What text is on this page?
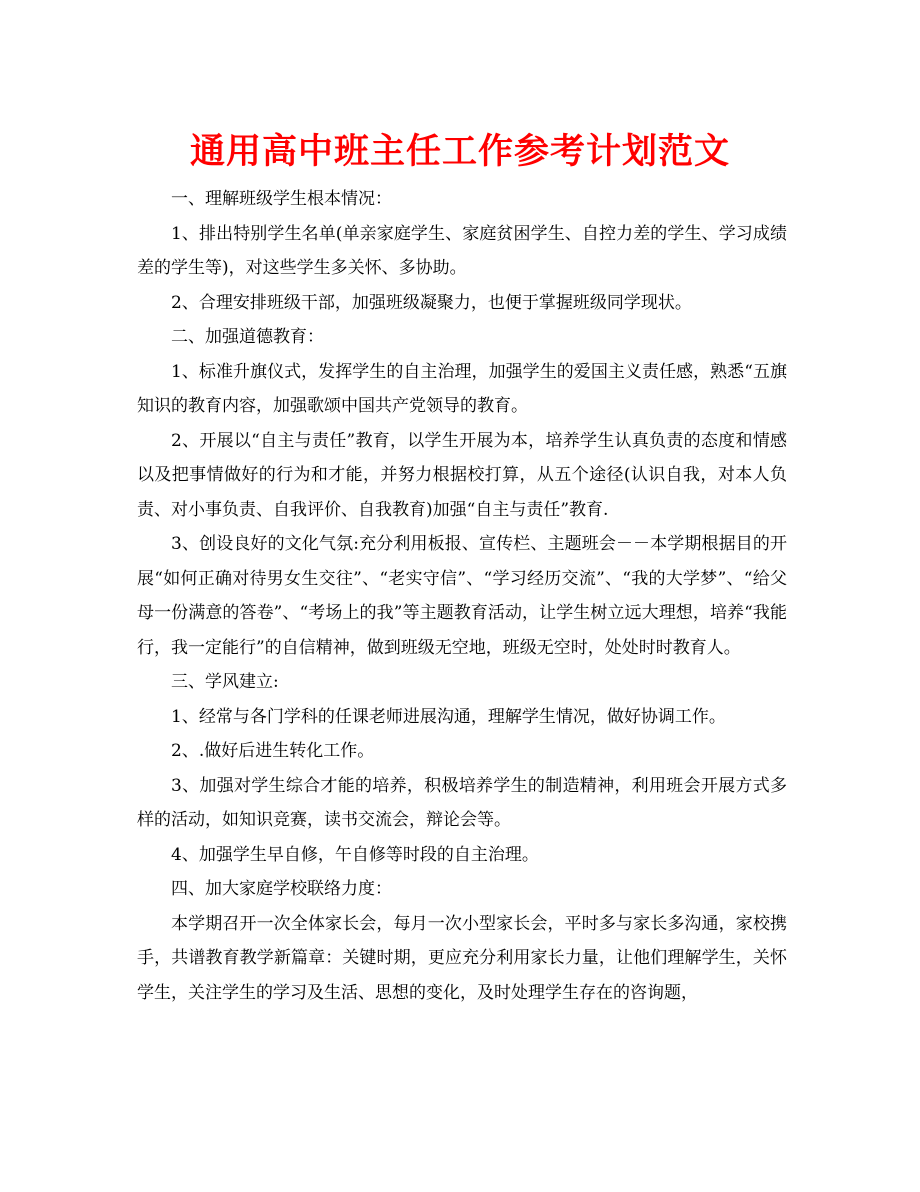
通用高中班主任工作参考计划范文

一、理解班级学生根本情况：

1、排出特别学生名单(单亲家庭学生、家庭贫困学生、自控力差的学生、学习成绩差的学生等)，对这些学生多关怀、多协助。

2、合理安排班级干部，加强班级凝聚力，也便于掌握班级同学现状。

二、加强道德教育：

1、标准升旗仪式，发挥学生的自主治理，加强学生的爱国主义责任感，熟悉“五旗知识的教育内容，加强歌颂中国共产党领导的教育。

2、开展以“自主与责任”教育，以学生开展为本，培养学生认真负责的态度和情感以及把事情做好的行为和才能，并努力根据校打算，从五个途径(认识自我，对本人负责、对小事负责、自我评价、自我教育)加强“自主与责任”教育.

3、创设良好的文化气氛:充分利用板报、宣传栏、主题班会－－本学期根据目的开展“如何正确对待男女生交往”、“老实守信”、“学习经历交流”、“我的大学梦”、“给父母一份满意的答卷”、“考场上的我”等主题教育活动，让学生树立远大理想，培养“我能行，我一定能行”的自信精神，做到班级无空地，班级无空时，处处时时教育人。

三、学风建立:

1、经常与各门学科的任课老师进展沟通，理解学生情况，做好协调工作。

2、.做好后进生转化工作。

3、加强对学生综合才能的培养，积极培养学生的制造精神，利用班会开展方式多样的活动，如知识竞赛，读书交流会，辩论会等。

4、加强学生早自修，午自修等时段的自主治理。

四、加大家庭学校联络力度：

本学期召开一次全体家长会，每月一次小型家长会，平时多与家长多沟通，家校携手，共谱教育教学新篇章：关键时期，更应充分利用家长力量，让他们理解学生，关怀学生，关注学生的学习及生活、思想的变化，及时处理学生存在的咨询题，
